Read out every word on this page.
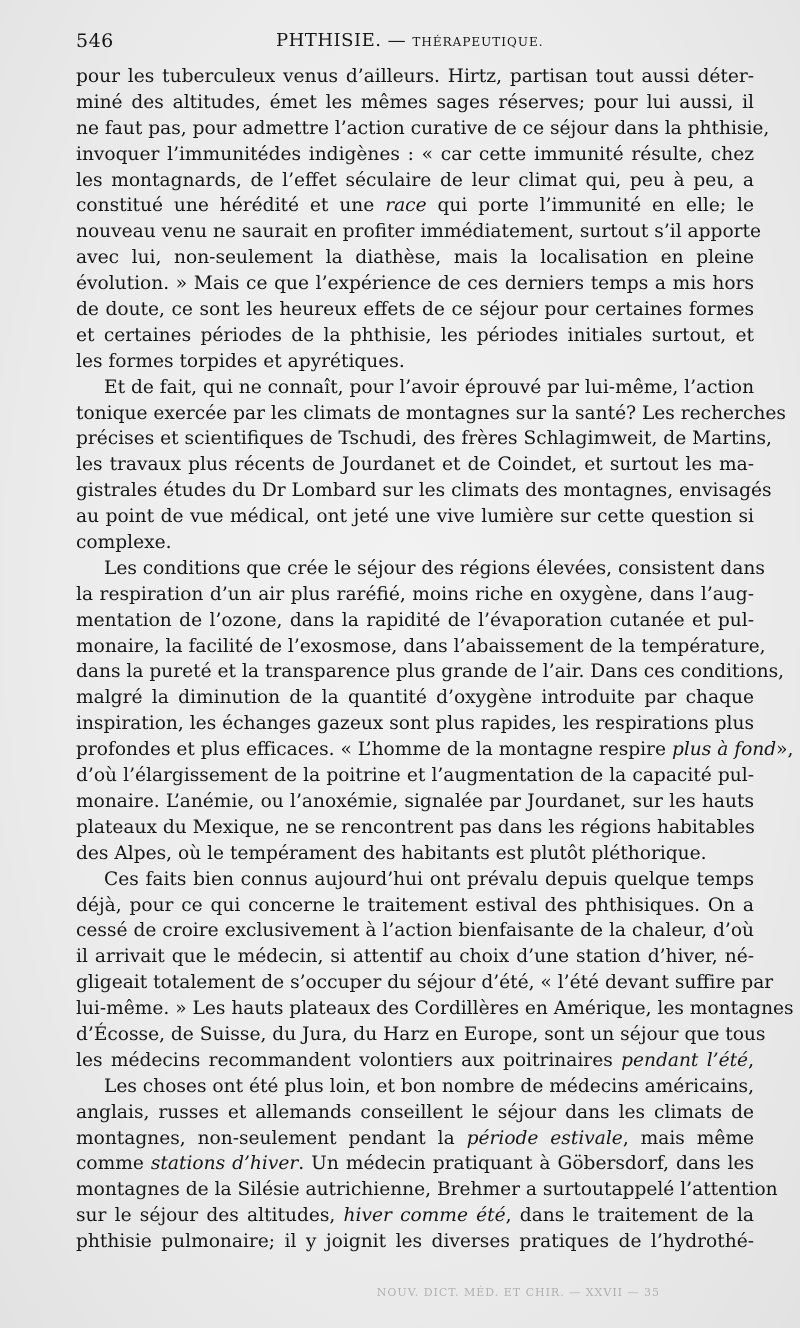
546	PHTHISIE. — THÉRAPEUTIQUE.
pour les tuberculeux venus d’ailleurs. Hirtz, partisan tout aussi déter-
miné des altitudes, émet les mêmes sages réserves; pour lui aussi, il
ne faut pas, pour admettre l’action curative de ce séjour dans la phthisie,
invoquer l’immunitédes indigènes : « car cette immunité résulte, chez
les montagnards, de l’effet séculaire de leur climat qui, peu à peu, a
constitué une hérédité et une race qui porte l’immunité en elle; le
nouveau venu ne saurait en profiter immédiatement, surtout s’il apporte
avec lui, non-seulement la diathèse, mais la localisation en pleine
évolution. » Mais ce que l’expérience de ces derniers temps a mis hors
de doute, ce sont les heureux effets de ce séjour pour certaines formes
et certaines périodes de la phthisie, les périodes initiales surtout, et
les formes torpides et apyrétiques.
Et de fait, qui ne connaît, pour l’avoir éprouvé par lui-même, l’action
tonique exercée par les climats de montagnes sur la santé? Les recherches
précises et scientifiques de Tschudi, des frères Schlagimweit, de Martins,
les travaux plus récents de Jourdanet et de Coindet, et surtout les ma-
gistrales études du Dr Lombard sur les climats des montagnes, envisagés
au point de vue médical, ont jeté une vive lumière sur cette question si
complexe.
Les conditions que crée le séjour des régions élevées, consistent dans
la respiration d’un air plus raréfié, moins riche en oxygène, dans l’aug-
mentation de l’ozone, dans la rapidité de l’évaporation cutanée et pul-
monaire, la facilité de l’exosmose, dans l’abaissement de la température,
dans la pureté et la transparence plus grande de l’air. Dans ces conditions,
malgré la diminution de la quantité d’oxygène introduite par chaque
inspiration, les échanges gazeux sont plus rapides, les respirations plus
profondes et plus efficaces. « L’homme de la montagne respire plus à fond»,
d’où l’élargissement de la poitrine et l’augmentation de la capacité pul-
monaire. L’anémie, ou l’anoxémie, signalée par Jourdanet, sur les hauts
plateaux du Mexique, ne se rencontrent pas dans les régions habitables
des Alpes, où le tempérament des habitants est plutôt pléthorique.
Ces faits bien connus aujourd’hui ont prévalu depuis quelque temps
déjà, pour ce qui concerne le traitement estival des phthisiques. On a
cessé de croire exclusivement à l’action bienfaisante de la chaleur, d’où
il arrivait que le médecin, si attentif au choix d’une station d’hiver, né-
gligeait totalement de s’occuper du séjour d’été, « l’été devant suffire par
lui-même. » Les hauts plateaux des Cordillères en Amérique, les montagnes
d’Écosse, de Suisse, du Jura, du Harz en Europe, sont un séjour que tous
les médecins recommandent volontiers aux poitrinaires pendant l’été,
Les choses ont été plus loin, et bon nombre de médecins américains,
anglais, russes et allemands conseillent le séjour dans les climats de
montagnes, non-seulement pendant la période estivale, mais même
comme stations d’hiver. Un médecin pratiquant à Göbersdorf, dans les
montagnes de la Silésie autrichienne, Brehmer a surtoutappelé l’attention
sur le séjour des altitudes, hiver comme été, dans le traitement de la
phthisie pulmonaire; il y joignit les diverses pratiques de l’hydrothé-
NOUV. DICT. MÉD. ET CHIR. — XXVII — 35
